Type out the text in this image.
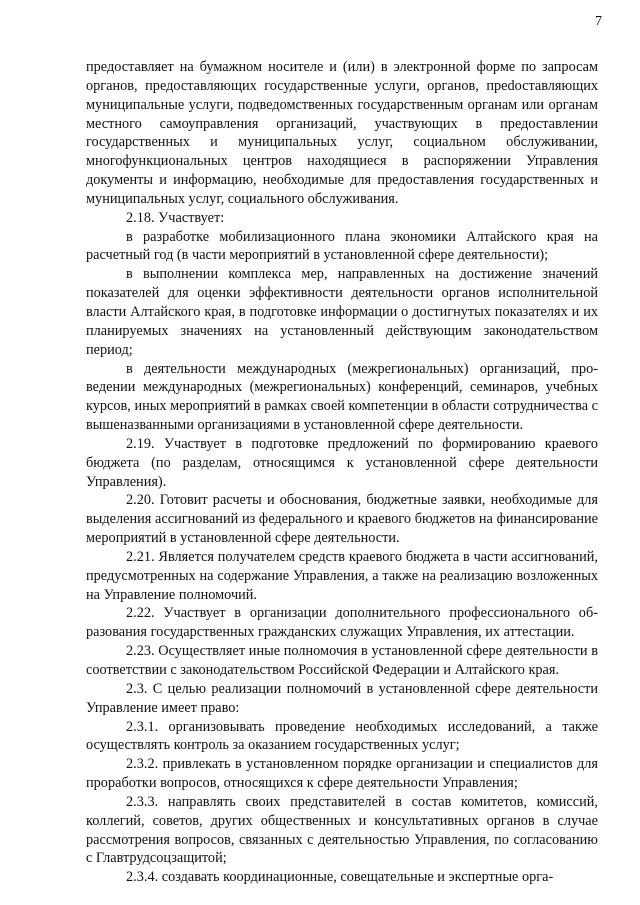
7

предоставляет на бумажном носителе и (или) в электронной форме по запросам органов, предоставляющих государственные услуги, органов, преdоставляющих муниципальные услуги, подведомственных государственным органам или органам местного самоуправления организаций, участвующих в предоставлении государственных и муниципальных услуг, социальном обслуживании, многофункциональных центров находящиеся в распоряжении Управления документы и информацию, необходимые для предоставления государственных и муниципальных услуг, социального обслуживания.

2.18. Участвует:

в разработке мобилизационного плана экономики Алтайского края на расчетный год (в части мероприятий в установленной сфере деятельности);

в выполнении комплекса мер, направленных на достижение значений показателей для оценки эффективности деятельности органов исполнительной власти Алтайского края, в подготовке информации о достигнутых показателях и их планируемых значениях на установленный действующим законодательством период;

в деятельности международных (межрегиональных) организаций, проведении международных (межрегиональных) конференций, семинаров, учебных курсов, иных мероприятий в рамках своей компетенции в области сотрудничества с вышеназванными организациями в установленной сфере деятельности.

2.19. Участвует в подготовке предложений по формированию краевого бюджета (по разделам, относящимся к установленной сфере деятельности Управления).

2.20. Готовит расчеты и обоснования, бюджетные заявки, необходимые для выделения ассигнований из федерального и краевого бюджетов на финансирование мероприятий в установленной сфере деятельности.

2.21. Является получателем средств краевого бюджета в части ассигнований, предусмотренных на содержание Управления, а также на реализацию возложенных на Управление полномочий.

2.22. Участвует в организации дополнительного профессионального образования государственных гражданских служащих Управления, их аттестации.

2.23. Осуществляет иные полномочия в установленной сфере деятельности в соответствии с законодательством Российской Федерации и Алтайского края.

2.3. С целью реализации полномочий в установленной сфере деятельности Управление имеет право:

2.3.1. организовывать проведение необходимых исследований, а также осуществлять контроль за оказанием государственных услуг;

2.3.2. привлекать в установленном порядке организации и специалистов для проработки вопросов, относящихся к сфере деятельности Управления;

2.3.3. направлять своих представителей в состав комитетов, комиссий, коллегий, советов, других общественных и консультативных органов в случае рассмотрения вопросов, связанных с деятельностью Управления, по согласованию с Главтрудсоцзащитой;

2.3.4. создавать координационные, совещательные и экспертные орга-
